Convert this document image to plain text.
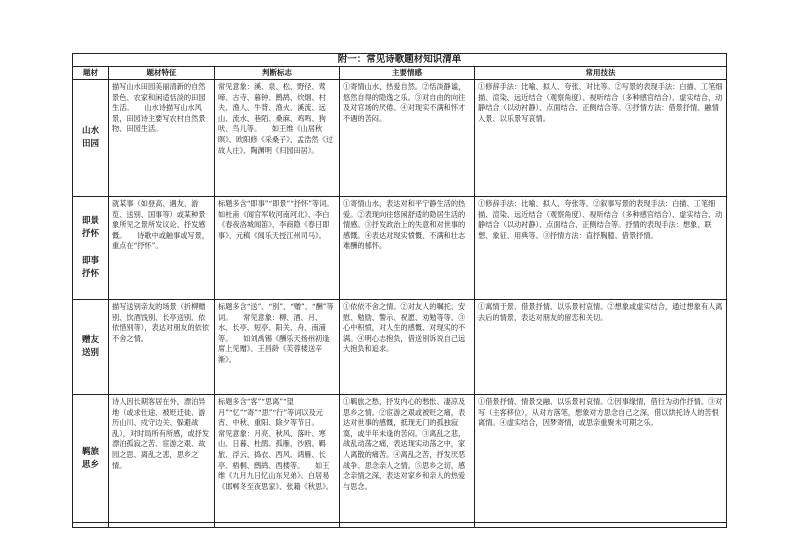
附一：常见诗歌题材知识清单				
题材	题材特征	判断标志	主要情感	常用技法

山水
田园	描写山水田园美丽清新的自然景色、农家和闲适恬淡的田园生活。　　山水诗描写山水风景，田园诗主要写农村自然景物、田园生活。	常见意象：溪、泉、松、野径、莺啼、古寺、暮钟、鹧鸪、炊烟、村夫、渔人、牛背、渔火、溪流、远山、流水、巷陌、桑麻、鸡鸣、狗吠、鸟儿等。　　如王维《山居秋暝》、欧阳修《采桑子》、孟浩然《过故人庄》、陶渊明《归园田居》。	①寄情山水，热爱自然。②恬淡静谧，悠然自得的隐逸之乐。③对自由的向往及对官场的厌倦。④对现实不满和怀才不遇的苦闷。	①修辞手法：比喻、拟人、夸张、对比等。②写景的表现手法：白描、工笔细描、渲染、远近结合（观察角度）、视听结合（多种感官结合）、虚实结合、动静结合（以动衬静）、点面结合、正侧结合等。③抒情方法：借景抒情、融情入景、以乐景写哀情。

即景
抒怀
即事
抒怀	就某事（如登高、遇友、游览、送别、国事等）或某种景象所见之景所发议论、抒发感慨。　　诗歌中或触事或写景，重点在“抒怀”。	标题多含“即事”“即景”“抒怀”等词。　　如杜甫《闻官军收河南河北》、李白《春夜洛城闻笛》、李商隐《春日即事》、元稹《闻乐天授江州司马》。	①寄情山水，表达对和平宁静生活的热爱。②表现向往悠闲舒适的隐居生活的情感。③抒发政治上的失意和对世事的感慨。④表达对现实愤慨、不满和壮志难酬的郁怀。	①修辞手法：比喻、拟人、夸张等。②叙事写景的表现手法：白描、工笔细描、渲染、远近结合（观察角度）、视听结合（多种感官结合）、虚实结合、动静结合（以动衬静）、点面结合、正侧结合等。抒情的表现手法：想象、联想、象征、用典等。③抒情方法：直抒胸臆、借景抒情。

赠友
送别	描写送别亲友的场景（折柳赠别、饮酒饯别、长亭送别、依依惜别等），表达对朋友的依依不舍之情。	标题多含“送”、“别”、“赠”、“酬”等词。　　常见意象：柳、酒、月、水、长亭、短亭、阳关、舟、南浦等。　　如刘禹锡《酬乐天扬州初逢席上见赠》、王昌龄《芙蓉楼送辛渐》。	①依依不舍之情。②对友人的嘱托、安慰、勉励、警示、祝愿、劝勉等等。③心中积愤，对人生的感慨、对现实的不满。④明心志抱负，借送别诉说自己远大抱负和追求。	①寓情于景、借景抒情、以乐景衬哀情。②想象或虚实结合，通过想象有人离去后的情景，表达对朋友的留恋和关切。

羁旅
思乡	诗人因长期客居在外，漂泊异地（或求仕途、被贬迁徙、游历山川、戍守边关、躲避战乱），对时局所有所感，或抒发漂泊孤寂之苦、宦游之艰、故园之思、离乱之悲，思乡之情。	标题多含“客”“思离”“望月”“忆”“寄”“思”“行”等词以及元宵、中秋、重阳、除夕等节日。　　常见意象：月亮、秋风、落叶、寒山、日暮、杜鹃、孤雁、沙鸥、羁旅、浮云、捣衣、西风、鸿雁、长亭、梧桐、鹧鸪、西楼等。　　如王维《九月九日忆山东兄弟》、白居易《邯郸冬至夜思家》、张籍《秋思》。	①羁旅之愁，抒发内心的愁怅、凄凉及思乡之情。②宦游之艰或被贬之痛，表达对世事的感慨，抵现无门的孤独寂寞，或半年未逢的苦闷。③离乱之悲，战乱动荡之痛，表达现实动荡之中，家人离散的痛苦。④离乱之苦，抒发厌恶战争、思念亲人之情。⑤思乡之切，感念亲情之深，表达对家乡和亲人的热爱与思念。	①借景抒情、情景交融、以乐景衬哀情。②因事缘情，借行为动作抒情。③对写（主客移位），从对方落笔，想象对方思念自己之深，借以烘托诗人的苦恨离情。④虚实结合，因梦寄情，或思亲重聚未可期之乐。
